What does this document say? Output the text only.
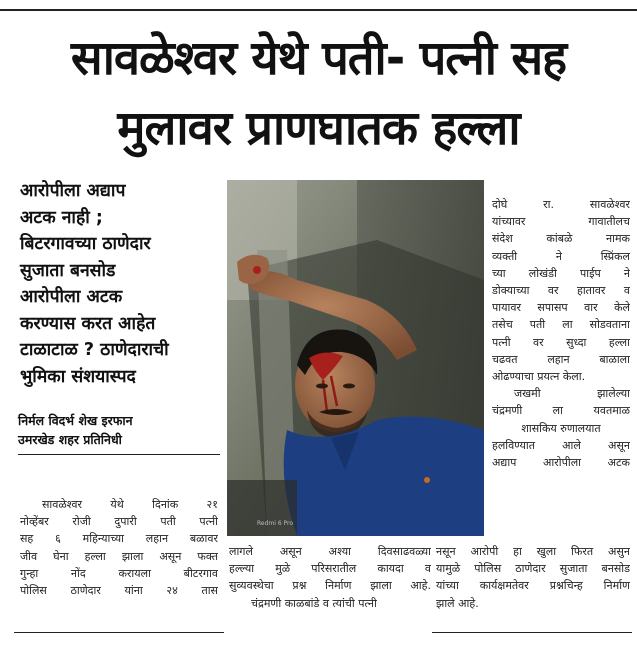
सावळेश्वर येथे पती- पत्नी सह
मुलावर प्राणघातक हल्ला
आरोपीला अद्याप
अटक नाही ;
बिटरगावच्या ठाणेदार
सुजाता बनसोड
आरोपीला अटक
करण्यास करत आहेत
टाळाटाळ ? ठाणेदाराची
भुमिका संशयास्पद
निर्मल विदर्भ शेख इरफान
उमरखेड शहर प्रतिनिधी
सावळेश्वर येथे दिनांक २१
नोव्हेंबर रोजी दुपारी पती पत्नी
सह ६ महिन्याच्या लहान बळावर
जीव घेना हल्ला झाला असून फक्त
गुन्हा नोंद करायला बीटरगाव
पोलिस ठाणेदार यांना २४ तास
Redmi 6 Pro
लागले असून अश्या दिवसाढवळ्या
हल्ल्या मुळे परिसरातील कायदा व
सुव्यवस्थेचा प्रश्न निर्माण झाला आहे.
चंद्रमणी काळबांडे व त्यांची पत्नी
दोघे रा. सावळेश्वर
यांच्यावर गावातीलच
संदेश कांबळे नामक
व्यक्ती ने स्प्रिंकल
च्या लोखंडी पाईप ने
डोक्याच्या वर हातावर व
पायावर सपासप वार केले
तसेच पती ला सोडवताना
पत्नी वर सुध्दा हल्ला
चढवत लहान बाळाला
ओढण्याचा प्रयत्न केला.
जखमी झालेल्या
चंद्रमणी ला यवतमाळ
शासकिय रुणालयात
हलविण्यात आले असून
अद्याप आरोपीला अटक
नसून आरोपी हा खुला फिरत असुन
यामुळे पोलिस ठाणेदार सुजाता बनसोड
यांच्या कार्यक्षमतेवर प्रश्नचिन्ह निर्माण
झाले आहे.
